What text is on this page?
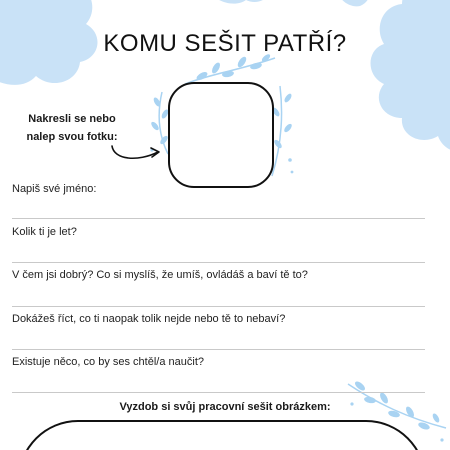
KOMU SEŠIT PATŘÍ?
Nakresli se nebo
nalep svou fotku:
Napiš své jméno:
Kolik ti je let?
V čem jsi dobrý? Co si myslíš, že umíš, ovládáš a baví tě to?
Dokážeš říct, co ti naopak tolik nejde nebo tě to nebaví?
Existuje něco, co by ses chtěl/a naučit?
Vyzdob si svůj pracovní sešit obrázkem:
